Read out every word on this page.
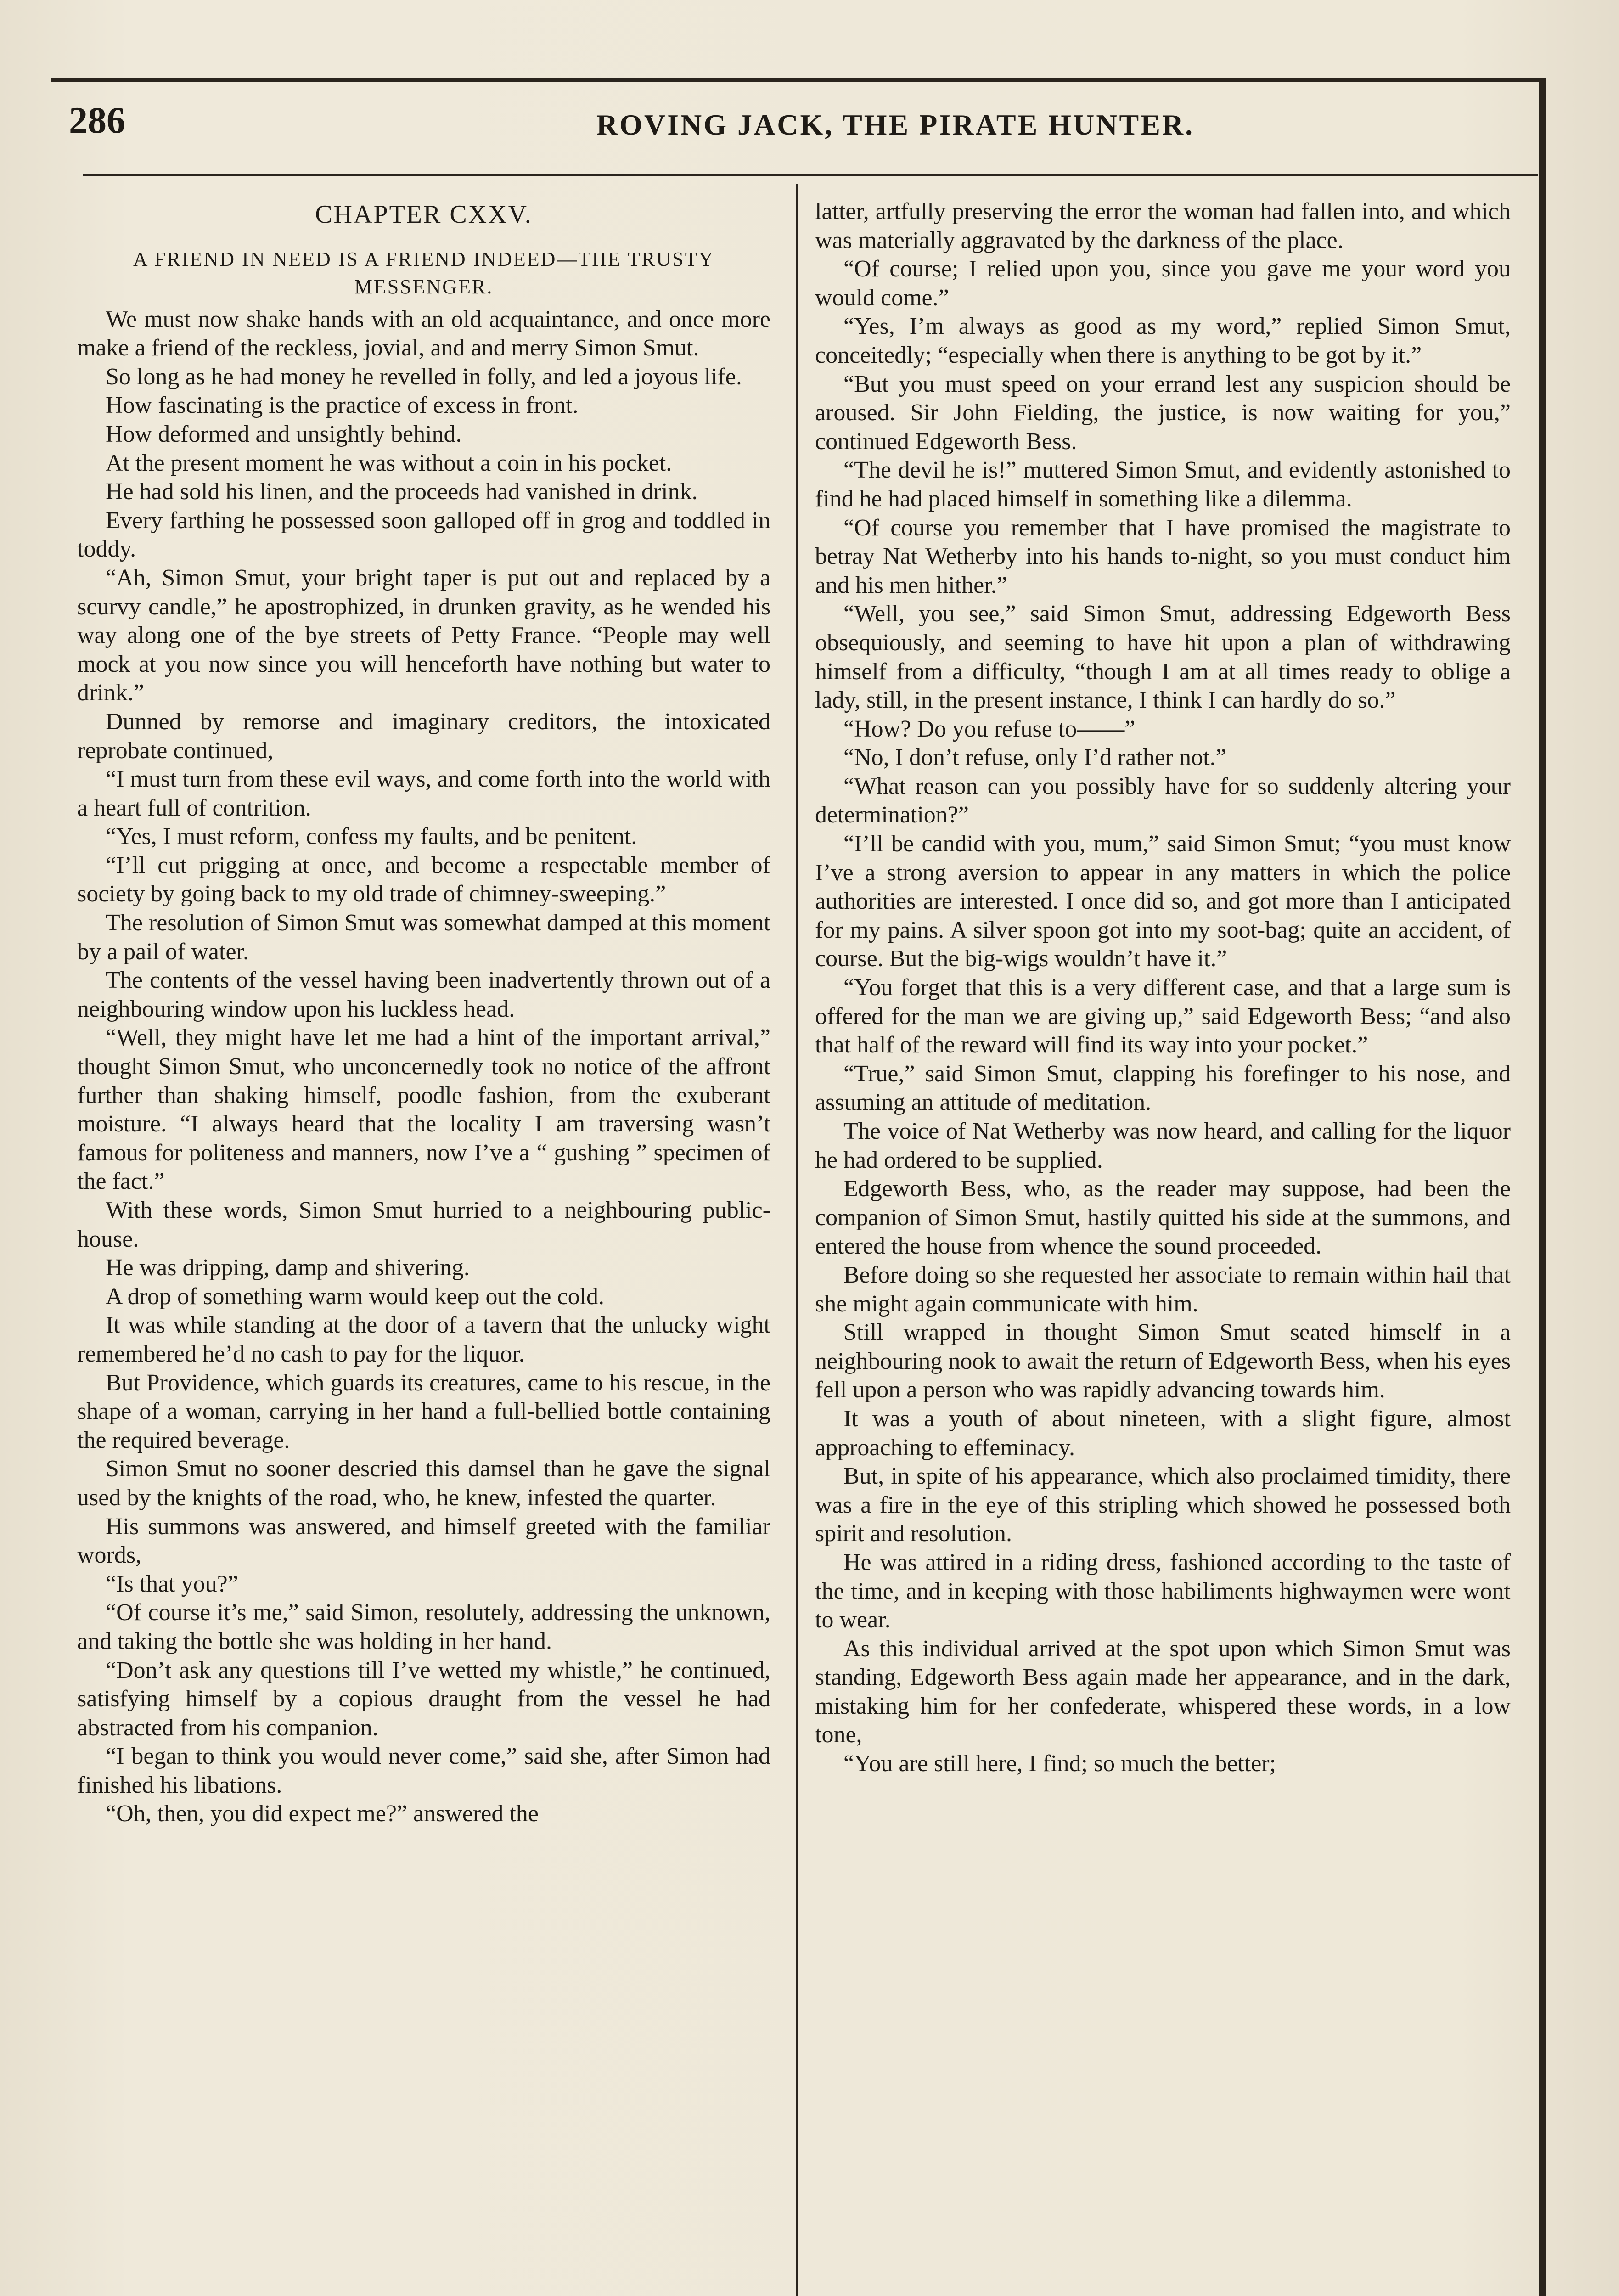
286	ROVING JACK, THE PIRATE HUNTER.
CHAPTER CXXV.
A FRIEND IN NEED IS A FRIEND INDEED—THE TRUSTY MESSENGER.

We must now shake hands with an old acquaintance, and once more make a friend of the reckless, jovial, and and merry Simon Smut.

So long as he had money he revelled in folly, and led a joyous life.

How fascinating is the practice of excess in front.

How deformed and unsightly behind.

At the present moment he was without a coin in his pocket.

He had sold his linen, and the proceeds had vanished in drink.

Every farthing he possessed soon galloped off in grog and toddled in toddy.

“Ah, Simon Smut, your bright taper is put out and replaced by a scurvy candle,” he apostrophized, in drunken gravity, as he wended his way along one of the bye streets of Petty France. “People may well mock at you now since you will henceforth have nothing but water to drink.”

Dunned by remorse and imaginary creditors, the intoxicated reprobate continued,

“I must turn from these evil ways, and come forth into the world with a heart full of contrition.

“Yes, I must reform, confess my faults, and be penitent.

“I’ll cut prigging at once, and become a respectable member of society by going back to my old trade of chimney-sweeping.”

The resolution of Simon Smut was somewhat damped at this moment by a pail of water.

The contents of the vessel having been inadvertently thrown out of a neighbouring window upon his luckless head.

“Well, they might have let me had a hint of the important arrival,” thought Simon Smut, who unconcernedly took no notice of the affront further than shaking himself, poodle fashion, from the exuberant moisture. “I always heard that the locality I am traversing wasn’t famous for politeness and manners, now I’ve a “ gushing ” specimen of the fact.”

With these words, Simon Smut hurried to a neighbouring public-house.

He was dripping, damp and shivering.

A drop of something warm would keep out the cold.

It was while standing at the door of a tavern that the unlucky wight remembered he’d no cash to pay for the liquor.

But Providence, which guards its creatures, came to his rescue, in the shape of a woman, carrying in her hand a full-bellied bottle containing the required beverage.

Simon Smut no sooner descried this damsel than he gave the signal used by the knights of the road, who, he knew, infested the quarter.

His summons was answered, and himself greeted with the familiar words,

“Is that you?”

“Of course it’s me,” said Simon, resolutely, addressing the unknown, and taking the bottle she was holding in her hand.

“Don’t ask any questions till I’ve wetted my whistle,” he continued, satisfying himself by a copious draught from the vessel he had abstracted from his companion.

“I began to think you would never come,” said she, after Simon had finished his libations.

“Oh, then, you did expect me?” answered the

latter, artfully preserving the error the woman had fallen into, and which was materially aggravated by the darkness of the place.

“Of course; I relied upon you, since you gave me your word you would come.”

“Yes, I’m always as good as my word,” replied Simon Smut, conceitedly; “especially when there is anything to be got by it.”

“But you must speed on your errand lest any suspicion should be aroused. Sir John Fielding, the justice, is now waiting for you,” continued Edgeworth Bess.

“The devil he is!” muttered Simon Smut, and evidently astonished to find he had placed himself in something like a dilemma.

“Of course you remember that I have promised the magistrate to betray Nat Wetherby into his hands to-night, so you must conduct him and his men hither.”

“Well, you see,” said Simon Smut, addressing Edgeworth Bess obsequiously, and seeming to have hit upon a plan of withdrawing himself from a difficulty, “though I am at all times ready to oblige a lady, still, in the present instance, I think I can hardly do so.”

“How? Do you refuse to——”

“No, I don’t refuse, only I’d rather not.”

“What reason can you possibly have for so suddenly altering your determination?”

“I’ll be candid with you, mum,” said Simon Smut; “you must know I’ve a strong aversion to appear in any matters in which the police authorities are interested. I once did so, and got more than I anticipated for my pains. A silver spoon got into my soot-bag; quite an accident, of course. But the big-wigs wouldn’t have it.”

“You forget that this is a very different case, and that a large sum is offered for the man we are giving up,” said Edgeworth Bess; “and also that half of the reward will find its way into your pocket.”

“True,” said Simon Smut, clapping his forefinger to his nose, and assuming an attitude of meditation.

The voice of Nat Wetherby was now heard, and calling for the liquor he had ordered to be supplied.

Edgeworth Bess, who, as the reader may suppose, had been the companion of Simon Smut, hastily quitted his side at the summons, and entered the house from whence the sound proceeded.

Before doing so she requested her associate to remain within hail that she might again communicate with him.

Still wrapped in thought Simon Smut seated himself in a neighbouring nook to await the return of Edgeworth Bess, when his eyes fell upon a person who was rapidly advancing towards him.

It was a youth of about nineteen, with a slight figure, almost approaching to effeminacy.

But, in spite of his appearance, which also proclaimed timidity, there was a fire in the eye of this stripling which showed he possessed both spirit and resolution.

He was attired in a riding dress, fashioned according to the taste of the time, and in keeping with those habiliments highwaymen were wont to wear.

As this individual arrived at the spot upon which Simon Smut was standing, Edgeworth Bess again made her appearance, and in the dark, mistaking him for her confederate, whispered these words, in a low tone,

“You are still here, I find; so much the better;
